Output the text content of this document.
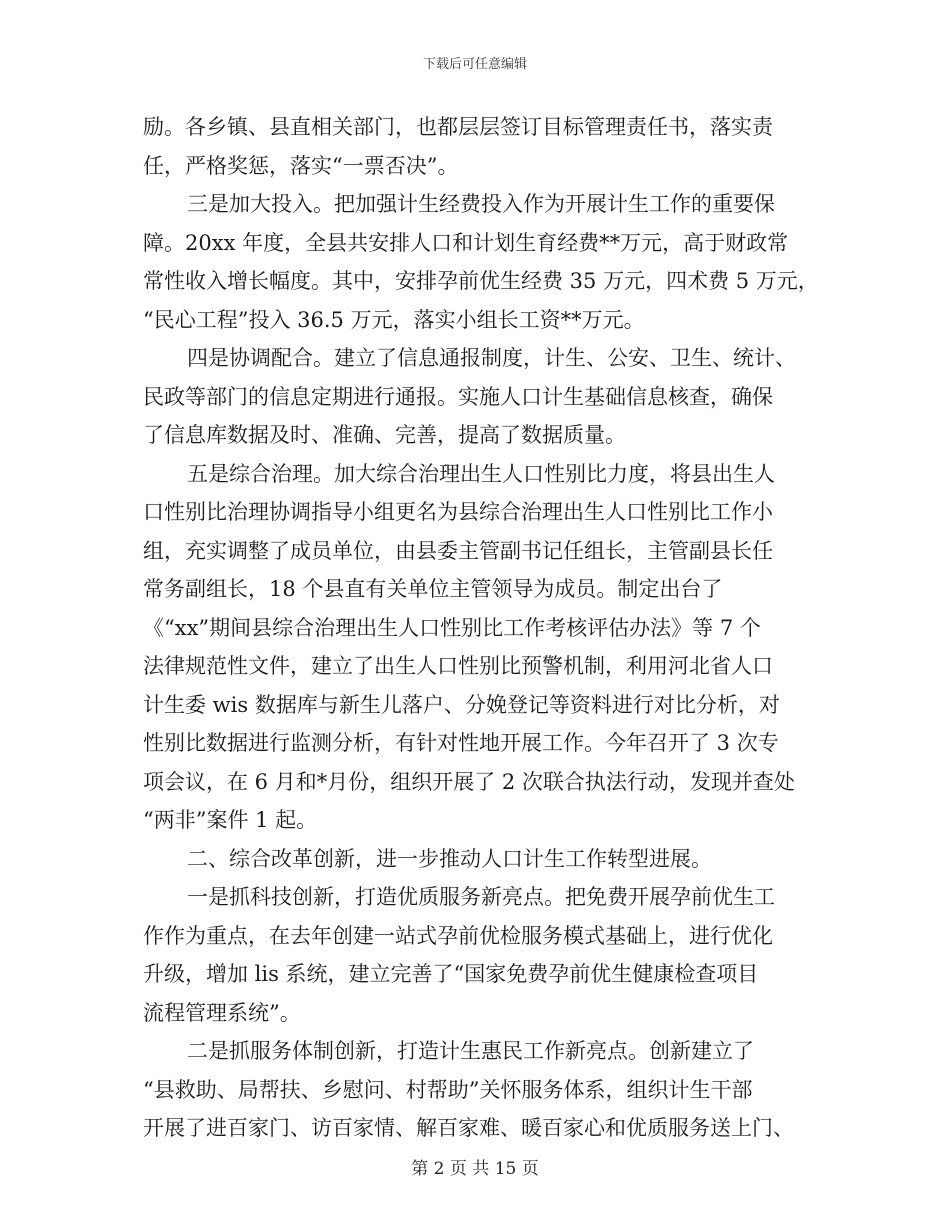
下载后可任意编辑
励。各乡镇、县直相关部门，也都层层签订目标管理责任书，落实责
任，严格奖惩，落实“一票否决”。
三是加大投入。把加强计生经费投入作为开展计生工作的重要保
障。20xx 年度，全县共安排人口和计划生育经费**万元，高于财政常
常性收入增长幅度。其中，安排孕前优生经费 35 万元，四术费 5 万元，
“民心工程”投入 36.5 万元，落实小组长工资**万元。
四是协调配合。建立了信息通报制度，计生、公安、卫生、统计、
民政等部门的信息定期进行通报。实施人口计生基础信息核查，确保
了信息库数据及时、准确、完善，提高了数据质量。
五是综合治理。加大综合治理出生人口性别比力度，将县出生人
口性别比治理协调指导小组更名为县综合治理出生人口性别比工作小
组，充实调整了成员单位，由县委主管副书记任组长，主管副县长任
常务副组长，18 个县直有关单位主管领导为成员。制定出台了
《“xx”期间县综合治理出生人口性别比工作考核评估办法》等 7 个
法律规范性文件，建立了出生人口性别比预警机制，利用河北省人口
计生委 wis 数据库与新生儿落户、分娩登记等资料进行对比分析，对
性别比数据进行监测分析，有针对性地开展工作。今年召开了 3 次专
项会议，在 6 月和*月份，组织开展了 2 次联合执法行动，发现并查处
“两非”案件 1 起。
二、综合改革创新，进一步推动人口计生工作转型进展。
一是抓科技创新，打造优质服务新亮点。把免费开展孕前优生工
作作为重点，在去年创建一站式孕前优检服务模式基础上，进行优化
升级，增加 lis 系统，建立完善了“国家免费孕前优生健康检查项目
流程管理系统”。
二是抓服务体制创新，打造计生惠民工作新亮点。创新建立了
“县救助、局帮扶、乡慰问、村帮助”关怀服务体系，组织计生干部
开展了进百家门、访百家情、解百家难、暖百家心和优质服务送上门、
第 2 页 共 15 页
